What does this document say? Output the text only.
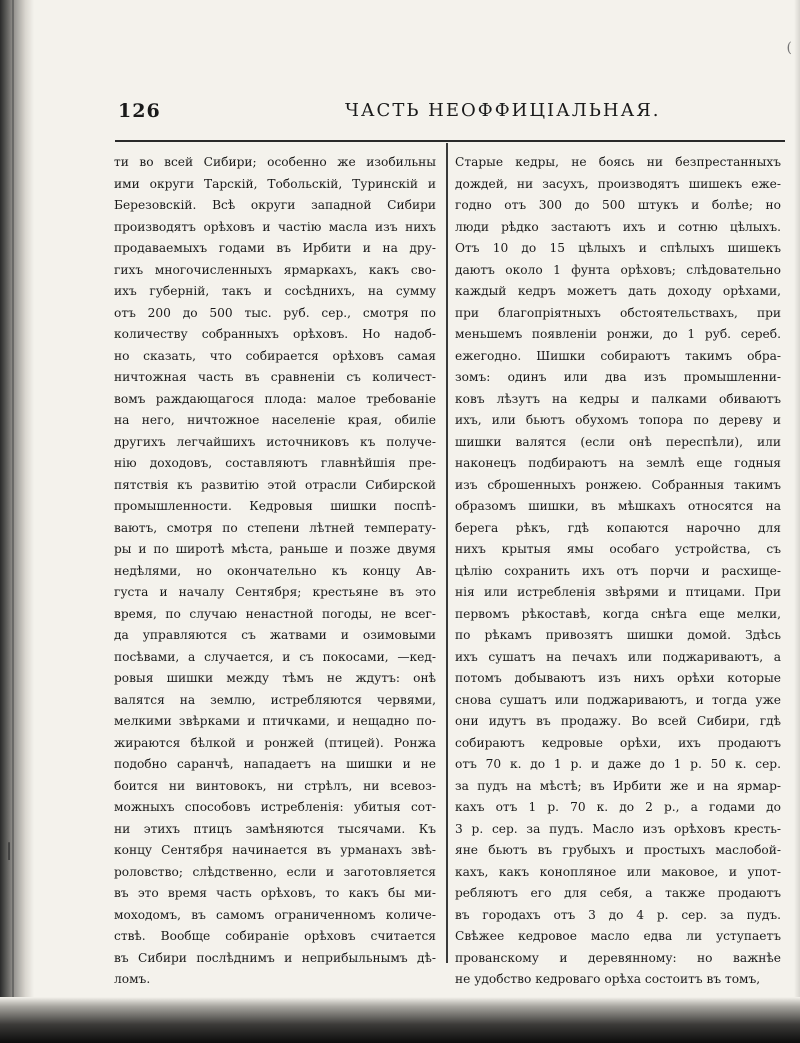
(
|
126	ЧАСТЬ НЕОФФИЦІАЛЬНАЯ.
ти во всей Сибири; особенно же изобильны
ими округи Тарскій, Тобольскій, Туринскій и
Березовскій. Всѣ округи западной Сибири
производятъ орѣховъ и частію масла изъ нихъ
продаваемыхъ годами въ Ирбити и на дру-
гихъ многочисленныхъ ярмаркахъ, какъ сво-
ихъ губерній, такъ и сосѣднихъ, на сумму
отъ 200 до 500 тыс. руб. сер., смотря по
количеству собранныхъ орѣховъ. Но надоб-
но сказать, что собирается орѣховъ самая
ничтожная часть въ сравненіи съ количест-
вомъ раждающагося плода: малое требованіе
на него, ничтожное населеніе края, обиліе
другихъ легчайшихъ источниковъ къ получе-
нію доходовъ, составляютъ главнѣйшія пре-
пятствія къ развитію этой отрасли Сибирской
промышленности. Кедровыя шишки поспѣ-
ваютъ, смотря по степени лѣтней температу-
ры и по широтѣ мѣста, раньше и позже двумя
недѣлями, но окончательно къ концу Ав-
густа и началу Сентября; крестьяне въ это
время, по случаю ненастной погоды, не всег-
да управляются съ жатвами и озимовыми
посѣвами, а случается, и съ покосами, —кед-
ровыя шишки между тѣмъ не ждутъ: онѣ
валятся на землю, истребляются червями,
мелкими звѣрками и птичками, и нещадно по-
жираются бѣлкой и ронжей (птицей). Ронжа
подобно саранчѣ, нападаетъ на шишки и не
боится ни винтовокъ, ни стрѣлъ, ни всевоз-
можныхъ способовъ истребленія: убитыя сот-
ни этихъ птицъ замѣняются тысячами. Къ
концу Сентября начинается въ урманахъ звѣ-
роловство; слѣдственно, если и заготовляется
въ это время часть орѣховъ, то какъ бы ми-
моходомъ, въ самомъ ограниченномъ количе-
ствѣ. Вообще собираніе орѣховъ считается
въ Сибири послѣднимъ и неприбыльнымъ дѣ-
ломъ.
Старые кедры, не боясь ни безпрестанныхъ
дождей, ни засухъ, производятъ шишекъ еже-
годно отъ 300 до 500 штукъ и болѣе; но
люди рѣдко застаютъ ихъ и сотню цѣлыхъ.
Отъ 10 до 15 цѣлыхъ и спѣлыхъ шишекъ
даютъ около 1 фунта орѣховъ; слѣдовательно
каждый кедръ можетъ дать доходу орѣхами,
при благопріятныхъ обстоятельствахъ, при
меньшемъ появленіи ронжи, до 1 руб. сереб.
ежегодно. Шишки собираютъ такимъ обра-
зомъ: одинъ или два изъ промышленни-
ковъ лѣзутъ на кедры и палками обиваютъ
ихъ, или бьютъ обухомъ топора по дереву и
шишки валятся (если онѣ переспѣли), или
наконецъ подбираютъ на землѣ еще годныя
изъ сброшенныхъ ронжею. Собранныя такимъ
образомъ шишки, въ мѣшкахъ относятся на
берега рѣкъ, гдѣ копаются нарочно для
нихъ крытыя ямы особаго устройства, съ
цѣлію сохранить ихъ отъ порчи и расхище-
нія или истребленія звѣрями и птицами. При
первомъ рѣкоставѣ, когда снѣга еще мелки,
по рѣкамъ привозятъ шишки домой. Здѣсь
ихъ сушатъ на печахъ или поджариваютъ, а
потомъ добываютъ изъ нихъ орѣхи которые
снова сушатъ или поджариваютъ, и тогда уже
они идутъ въ продажу. Во всей Сибири, гдѣ
собираютъ кедровые орѣхи, ихъ продаютъ
отъ 70 к. до 1 р. и даже до 1 р. 50 к. сер.
за пудъ на мѣстѣ; въ Ирбити же и на ярмар-
кахъ отъ 1 р. 70 к. до 2 р., а годами до
3 р. сер. за пудъ. Масло изъ орѣховъ кресть-
яне бьютъ въ грубыхъ и простыхъ маслобой-
кахъ, какъ конопляное или маковое, и упот-
ребляютъ его для себя, а также продаютъ
въ городахъ отъ 3 до 4 р. сер. за пудъ.
Свѣжее кедровое масло едва ли уступаетъ
прованскому и деревянному: но важнѣе
не удобство кедроваго орѣха состоитъ въ томъ,
